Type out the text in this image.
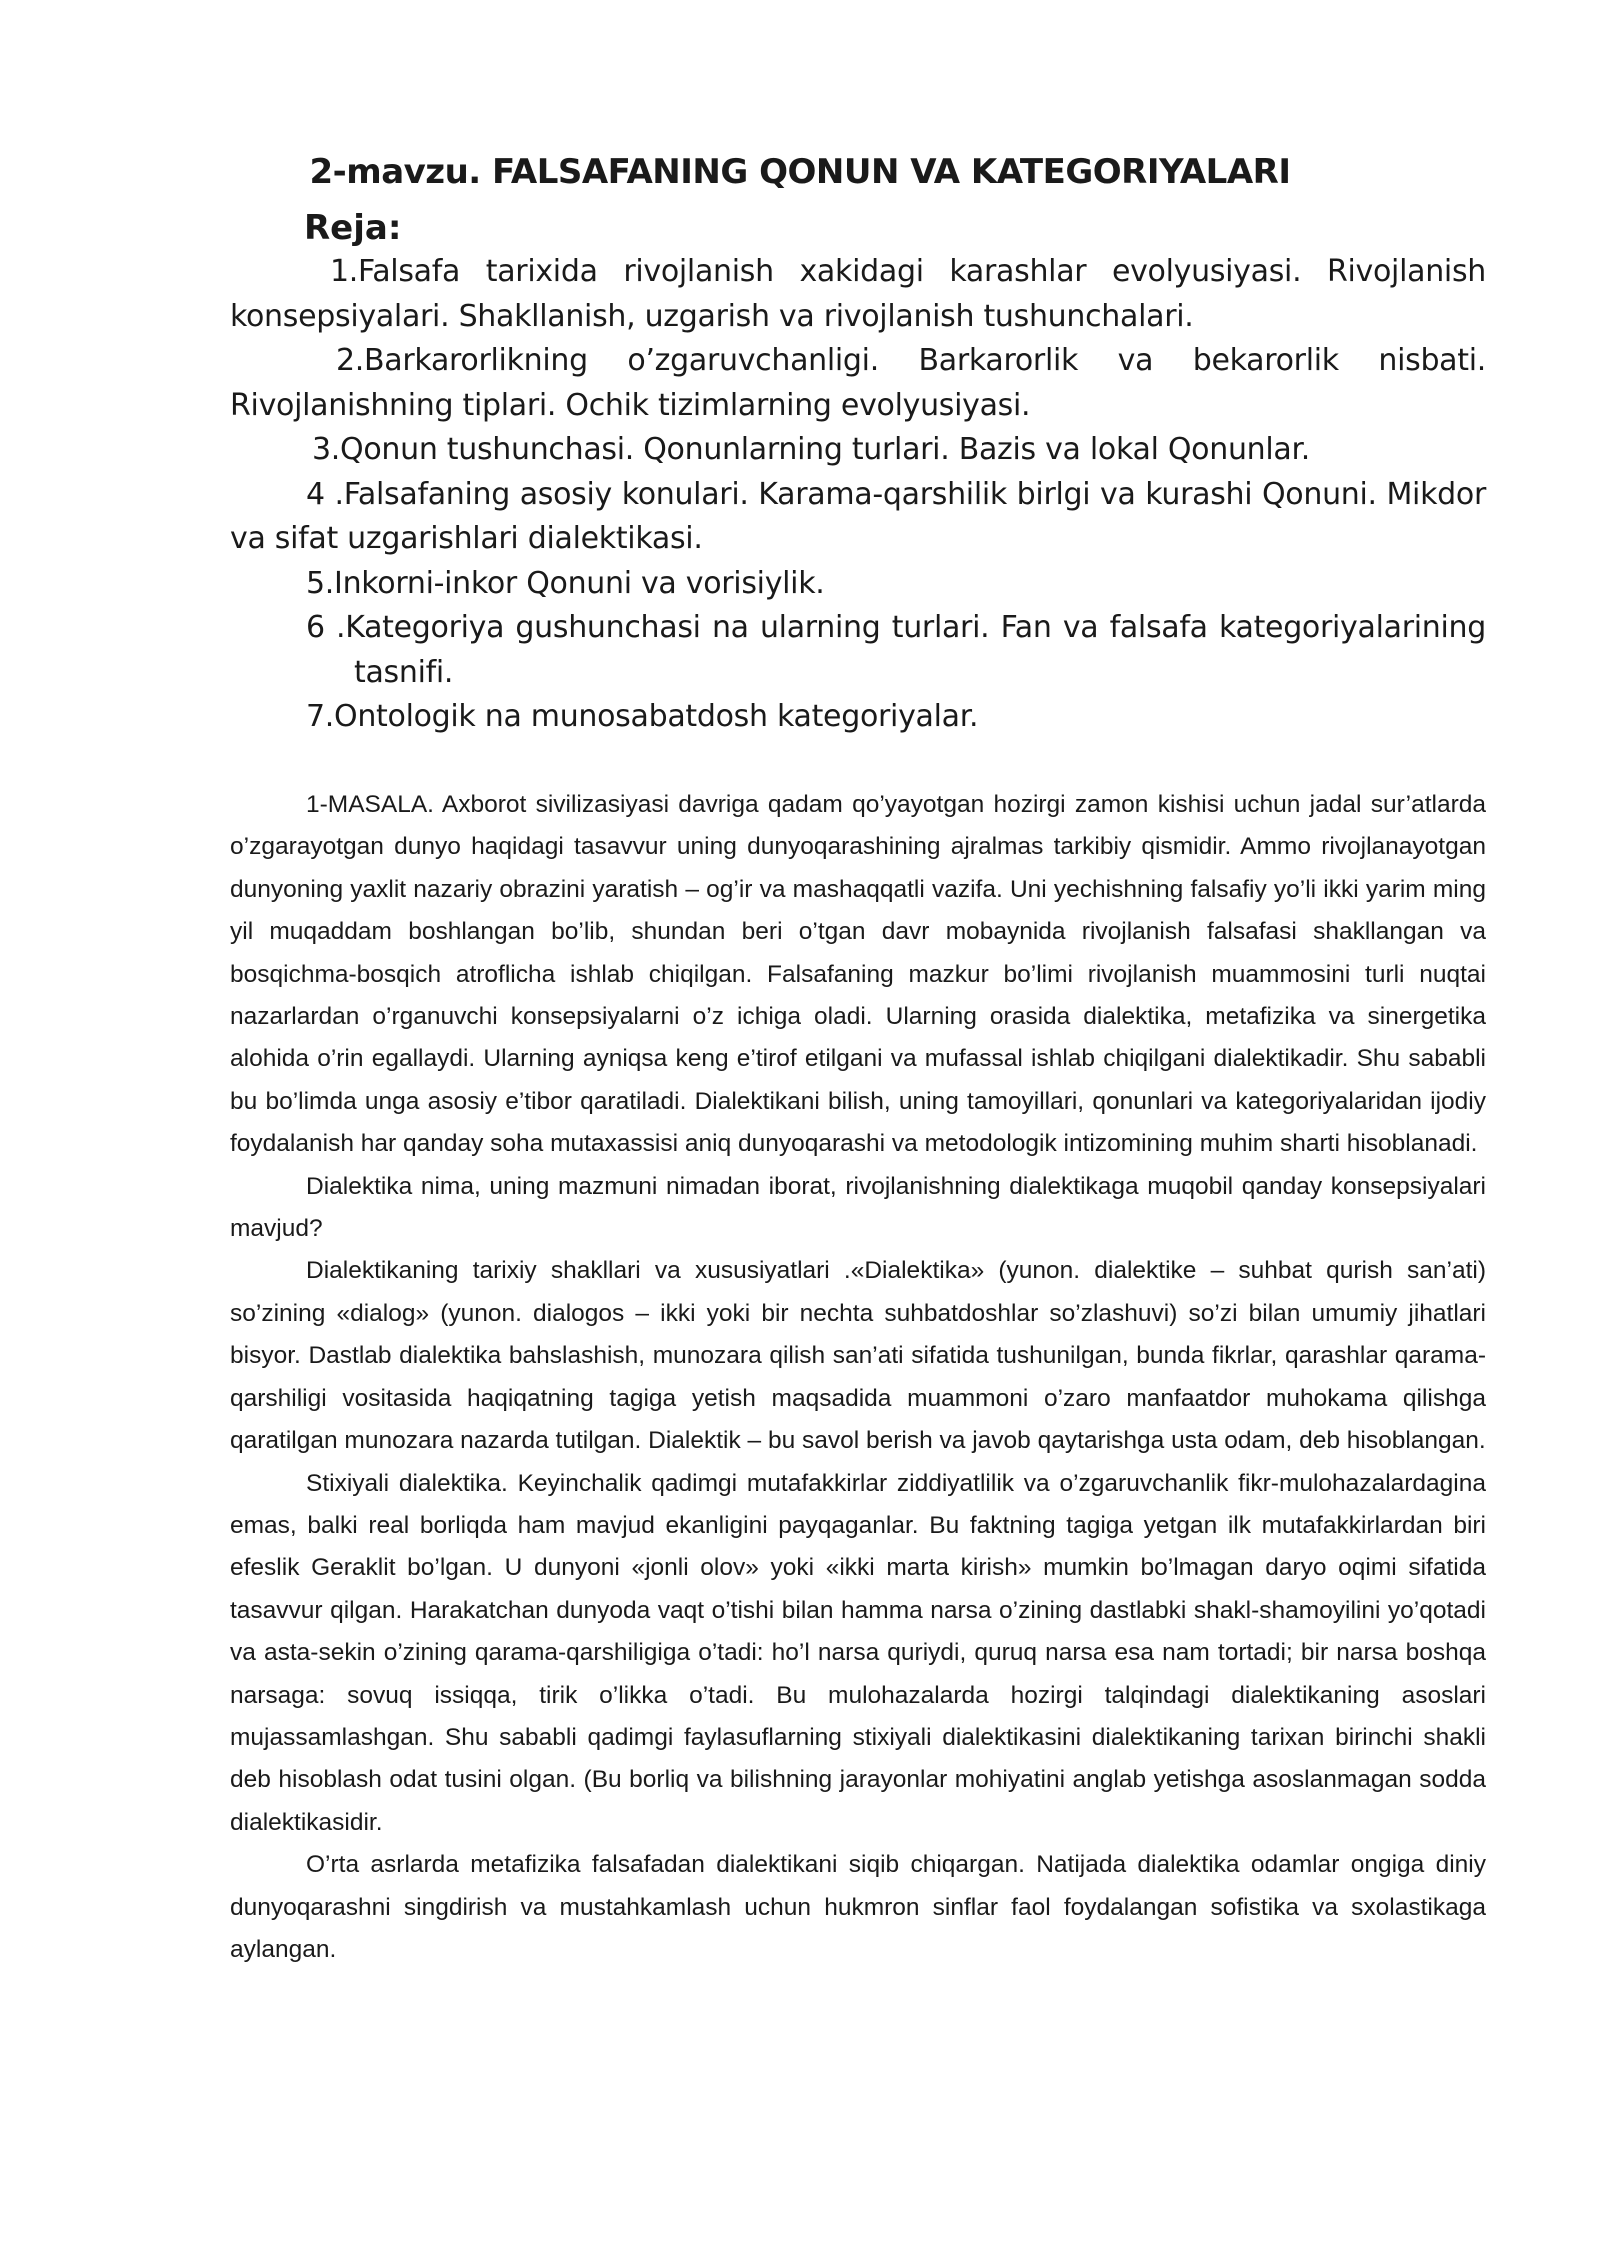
2-mavzu. FALSAFANING QONUN VA KATEGORIYALARI
Reja:
1.Falsafa tarixida rivojlanish xakidagi karashlar evolyusiyasi. Rivojlanish konsepsiyalari. Shakllanish, uzgarish va rivojlanish tushunchalari.
2.Barkarorlikning o’zgaruvchanligi. Barkarorlik va bekarorlik nisbati. Rivojlanishning tiplari. Ochik tizimlarning evolyusiyasi.
3.Qonun tushunchasi. Qonunlarning turlari. Bazis va lokal Qonunlar.
4 .Falsafaning asosiy konulari. Karama-qarshilik birlgi va kurashi Qonuni. Mikdor va sifat uzgarishlari dialektikasi.
5.Inkorni-inkor Qonuni va vorisiylik.
6 .Kategoriya gushunchasi na ularning turlari. Fan va falsafa kategoriyalarining tasnifi.
7.Ontologik na munosabatdosh kategoriyalar.

1-MASALA. Axborot sivilizasiyasi davriga qadam qo’yayotgan hozirgi zamon kishisi uchun jadal sur’atlarda o’zgarayotgan dunyo haqidagi tasavvur uning dunyoqarashining ajralmas tarkibiy qismidir. Ammo rivojlanayotgan dunyoning yaxlit nazariy obrazini yaratish – og’ir va mashaqqatli vazifa. Uni yechishning falsafiy yo’li ikki yarim ming yil muqaddam boshlangan bo’lib, shundan beri o’tgan davr mobaynida rivojlanish falsafasi shakllangan va bosqichma-bosqich atroflicha ishlab chiqilgan. Falsafaning mazkur bo’limi rivojlanish muammosini turli nuqtai nazarlardan o’rganuvchi konsepsiyalarni o’z ichiga oladi. Ularning orasida dialektika, metafizika va sinergetika alohida o’rin egallaydi. Ularning ayniqsa keng e’tirof etilgani va mufassal ishlab chiqilgani dialektikadir. Shu sababli bu bo’limda unga asosiy e’tibor qaratiladi. Dialektikani bilish, uning tamoyillari, qonunlari va kategoriyalaridan ijodiy foydalanish har qanday soha mutaxassisi aniq dunyoqarashi va metodologik intizomining muhim sharti hisoblanadi.

Dialektika nima, uning mazmuni nimadan iborat, rivojlanishning dialektikaga muqobil qanday konsepsiyalari mavjud?

Dialektikaning tarixiy shakllari va xususiyatlari .«Dialektika» (yunon. dialektike – suhbat qurish san’ati) so’zining «dialog» (yunon. dialogos – ikki yoki bir nechta suhbatdoshlar so’zlashuvi) so’zi bilan umumiy jihatlari bisyor. Dastlab dialektika bahslashish, munozara qilish san’ati sifatida tushunilgan, bunda fikrlar, qarashlar qarama-qarshiligi vositasida haqiqatning tagiga yetish maqsadida muammoni o’zaro manfaatdor muhokama qilishga qaratilgan munozara nazarda tutilgan. Dialektik – bu savol berish va javob qaytarishga usta odam, deb hisoblangan.

Stixiyali dialektika. Keyinchalik qadimgi mutafakkirlar ziddiyatlilik va o’zgaruvchanlik fikr-mulohazalardagina emas, balki real borliqda ham mavjud ekanligini payqaganlar. Bu faktning tagiga yetgan ilk mutafakkirlardan biri efeslik Geraklit bo’lgan. U dunyoni «jonli olov» yoki «ikki marta kirish» mumkin bo’lmagan daryo oqimi sifatida tasavvur qilgan. Harakatchan dunyoda vaqt o’tishi bilan hamma narsa o’zining dastlabki shakl-shamoyilini yo’qotadi va asta-sekin o’zining qarama-qarshiligiga o’tadi: ho’l narsa quriydi, quruq narsa esa nam tortadi; bir narsa boshqa narsaga: sovuq issiqqa, tirik o’likka o’tadi. Bu mulohazalarda hozirgi talqindagi dialektikaning asoslari mujassamlashgan. Shu sababli qadimgi faylasuflarning stixiyali dialektikasini dialektikaning tarixan birinchi shakli deb hisoblash odat tusini olgan. (Bu borliq va bilishning jarayonlar mohiyatini anglab yetishga asoslanmagan sodda dialektikasidir.

O’rta asrlarda metafizika falsafadan dialektikani siqib chiqargan. Natijada dialektika odamlar ongiga diniy dunyoqarashni singdirish va mustahkamlash uchun hukmron sinflar faol foydalangan sofistika va sxolastikaga aylangan.
